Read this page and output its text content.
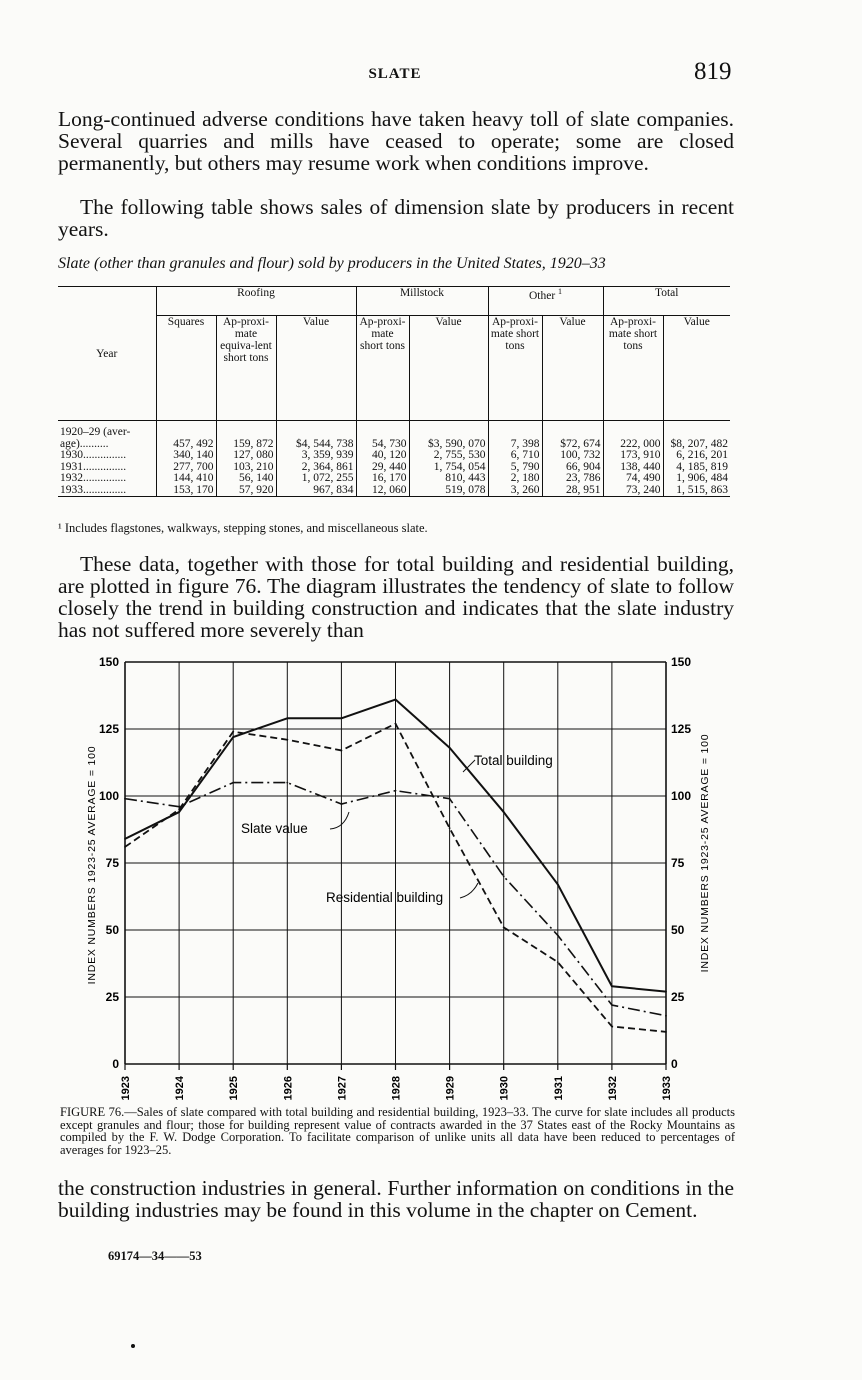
SLATE	819

Long-continued adverse conditions have taken heavy toll of slate companies. Several quarries and mills have ceased to operate; some are closed permanently, but others may resume work when conditions improve.

The following table shows sales of dimension slate by producers in recent years.

Slate (other than granules and flour) sold by producers in the United States, 1920–33
Year	Roofing			Millstock		Other $^1$		Total	
	Squares	Ap-proxi-mate equiva-lent short tons	Value	Ap-proxi-mate short tons	Value	Ap-proxi-mate short tons	Value	Ap-proxi-mate short tons	Value
1920–29 (aver-									
age)..........	457, 492	159, 872	$4, 544, 738	54, 730	$3, 590, 070	7, 398	$72, 674	222, 000	$8, 207, 482
1930...............	340, 140	127, 080	3, 359, 939	40, 120	2, 755, 530	6, 710	100, 732	173, 910	6, 216, 201
1931...............	277, 700	103, 210	2, 364, 861	29, 440	1, 754, 054	5, 790	66, 904	138, 440	4, 185, 819
1932...............	144, 410	56, 140	1, 072, 255	16, 170	810, 443	2, 180	23, 786	74, 490	1, 906, 484
1933...............	153, 170	57, 920	967, 834	12, 060	519, 078	3, 260	28, 951	73, 240	1, 515, 863
¹ Includes flagstones, walkways, stepping stones, and miscellaneous slate.

These data, together with those for total building and residential building, are plotted in figure 76. The diagram illustrates the tendency of slate to follow closely the trend in building construction and indicates that the slate industry has not suffered more severely than

0	0
25	25
50	50
75	75
100	100
125	125
150	150
1923	1924	1925	1926	1927	1928	1929	1930	1931	1932	1933
INDEX NUMBERS 1923-25 AVERAGE = 100	INDEX NUMBERS 1923-25 AVERAGE = 100
Total building
Slate value
Residential building
FIGURE 76.—Sales of slate compared with total building and residential building, 1923–33. The curve for slate includes all products except granules and flour; those for building represent value of contracts awarded in the 37 States east of the Rocky Mountains as compiled by the F. W. Dodge Corporation. To facilitate comparison of unlike units all data have been reduced to percentages of averages for 1923–25.

the construction industries in general. Further information on conditions in the building industries may be found in this volume in the chapter on Cement.

69174—34——53
